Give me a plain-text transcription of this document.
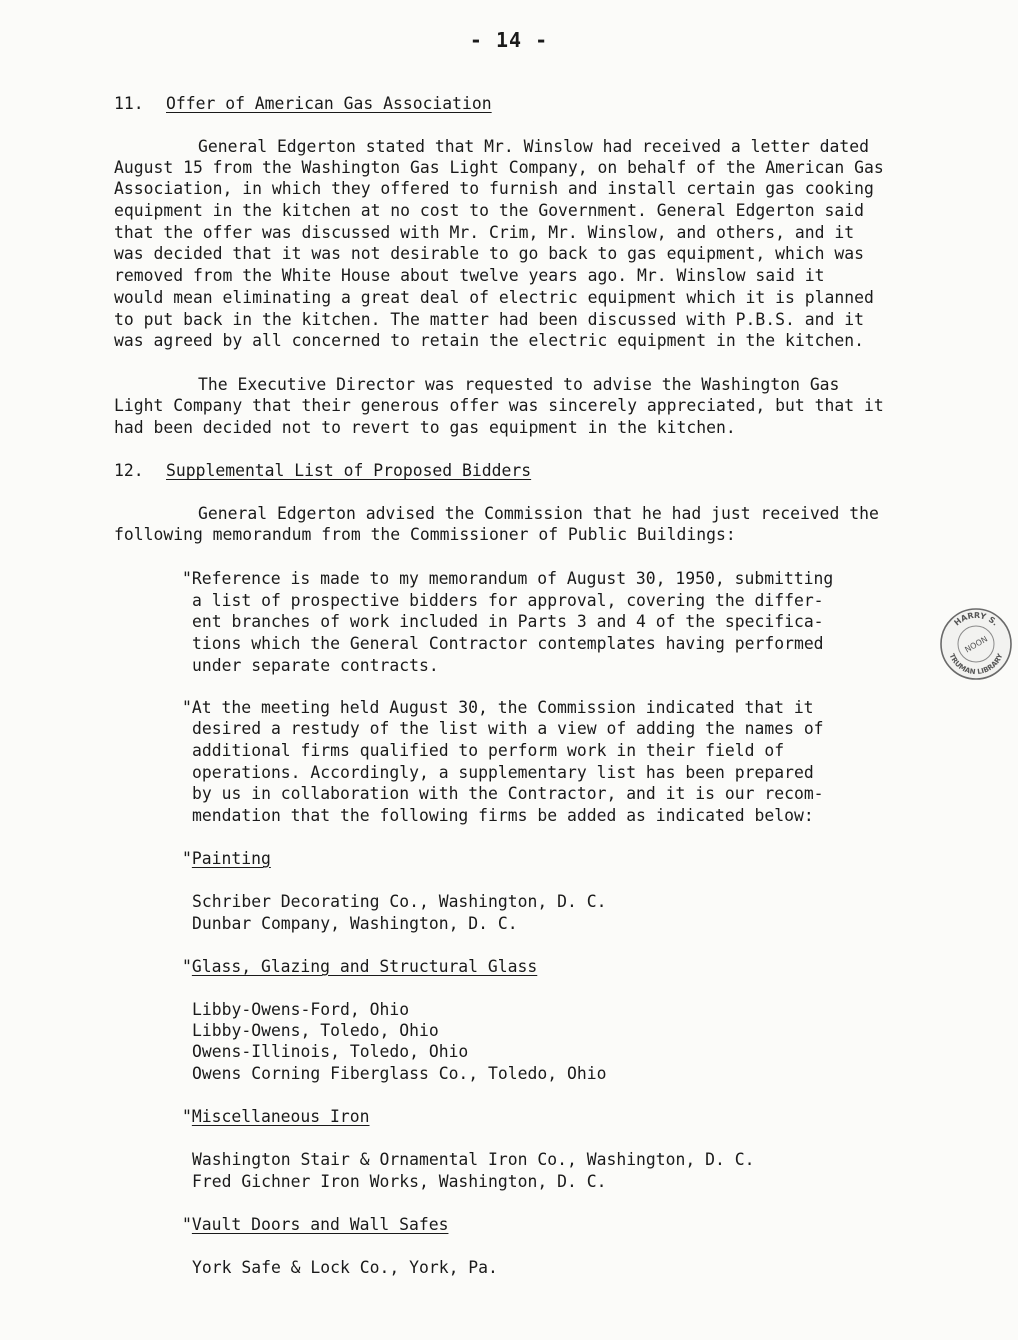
- 14 -
11. Offer of American Gas Association
General Edgerton stated that Mr. Winslow had received a letter dated
August 15 from the Washington Gas Light Company, on behalf of the American Gas
Association, in which they offered to furnish and install certain gas cooking
equipment in the kitchen at no cost to the Government. General Edgerton said
that the offer was discussed with Mr. Crim, Mr. Winslow, and others, and it
was decided that it was not desirable to go back to gas equipment, which was
removed from the White House about twelve years ago. Mr. Winslow said it
would mean eliminating a great deal of electric equipment which it is planned
to put back in the kitchen. The matter had been discussed with P.B.S. and it
was agreed by all concerned to retain the electric equipment in the kitchen.
The Executive Director was requested to advise the Washington Gas
Light Company that their generous offer was sincerely appreciated, but that it
had been decided not to revert to gas equipment in the kitchen.
12. Supplemental List of Proposed Bidders
General Edgerton advised the Commission that he had just received the
following memorandum from the Commissioner of Public Buildings:
"Reference is made to my memorandum of August 30, 1950, submitting
a list of prospective bidders for approval, covering the differ-
ent branches of work included in Parts 3 and 4 of the specifica-
tions which the General Contractor contemplates having performed
under separate contracts.
"At the meeting held August 30, the Commission indicated that it
desired a restudy of the list with a view of adding the names of
additional firms qualified to perform work in their field of
operations. Accordingly, a supplementary list has been prepared
by us in collaboration with the Contractor, and it is our recom-
mendation that the following firms be added as indicated below:
"Painting
Schriber Decorating Co., Washington, D. C.
Dunbar Company, Washington, D. C.
"Glass, Glazing and Structural Glass
Libby-Owens-Ford, Ohio
Libby-Owens, Toledo, Ohio
Owens-Illinois, Toledo, Ohio
Owens Corning Fiberglass Co., Toledo, Ohio
"Miscellaneous Iron
Washington Stair & Ornamental Iron Co., Washington, D. C.
Fred Gichner Iron Works, Washington, D. C.
"Vault Doors and Wall Safes
York Safe & Lock Co., York, Pa.
HARRY S.
TRUMAN LIBRARY
NOON
